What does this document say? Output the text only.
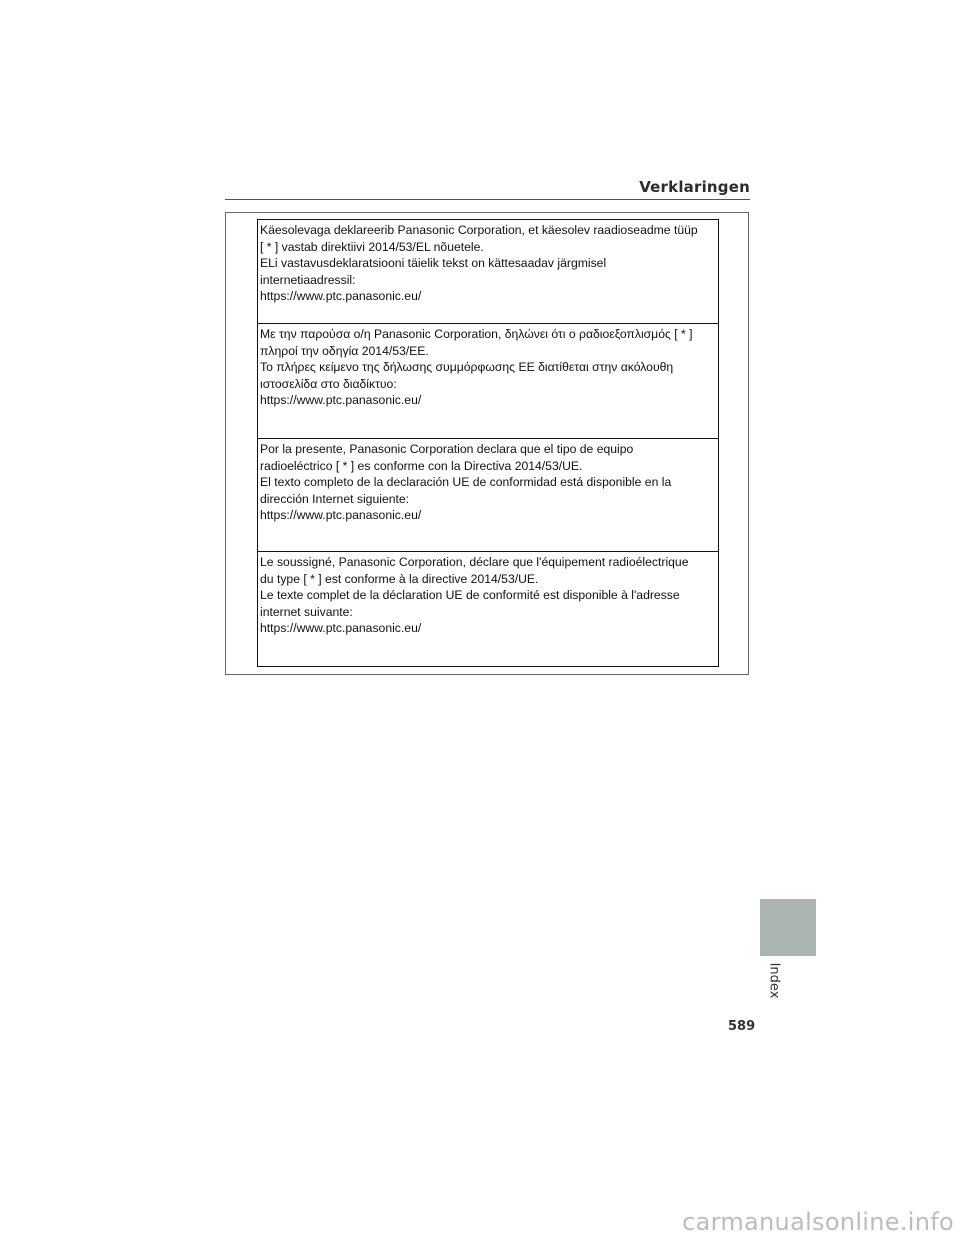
Verklaringen
Käesolevaga deklareerib Panasonic Corporation, et käesolev raadioseadme tüüp
[ * ] vastab direktiivi 2014/53/EL nõuetele.
ELi vastavusdeklaratsiooni täielik tekst on kättesaadav järgmisel
internetiaadressil:
https://www.ptc.panasonic.eu/
Με την παρούσα ο/η Panasonic Corporation, δηλώνει ότι ο ραδιοεξοπλισμός [ * ]
πληροί την οδηγία 2014/53/ΕΕ.
Το πλήρες κείμενο της δήλωσης συμμόρφωσης ΕΕ διατίθεται στην ακόλουθη
ιστοσελίδα στο διαδίκτυο:
https://www.ptc.panasonic.eu/
Por la presente, Panasonic Corporation declara que el tipo de equipo
radioeléctrico [ * ] es conforme con la Directiva 2014/53/UE.
El texto completo de la declaración UE de conformidad está disponible en la
dirección Internet siguiente:
https://www.ptc.panasonic.eu/
Le soussigné, Panasonic Corporation, déclare que l'équipement radioélectrique
du type [ * ] est conforme à la directive 2014/53/UE.
Le texte complet de la déclaration UE de conformité est disponible à l'adresse
internet suivante:
https://www.ptc.panasonic.eu/
Index
589
carmanualsonline.info
